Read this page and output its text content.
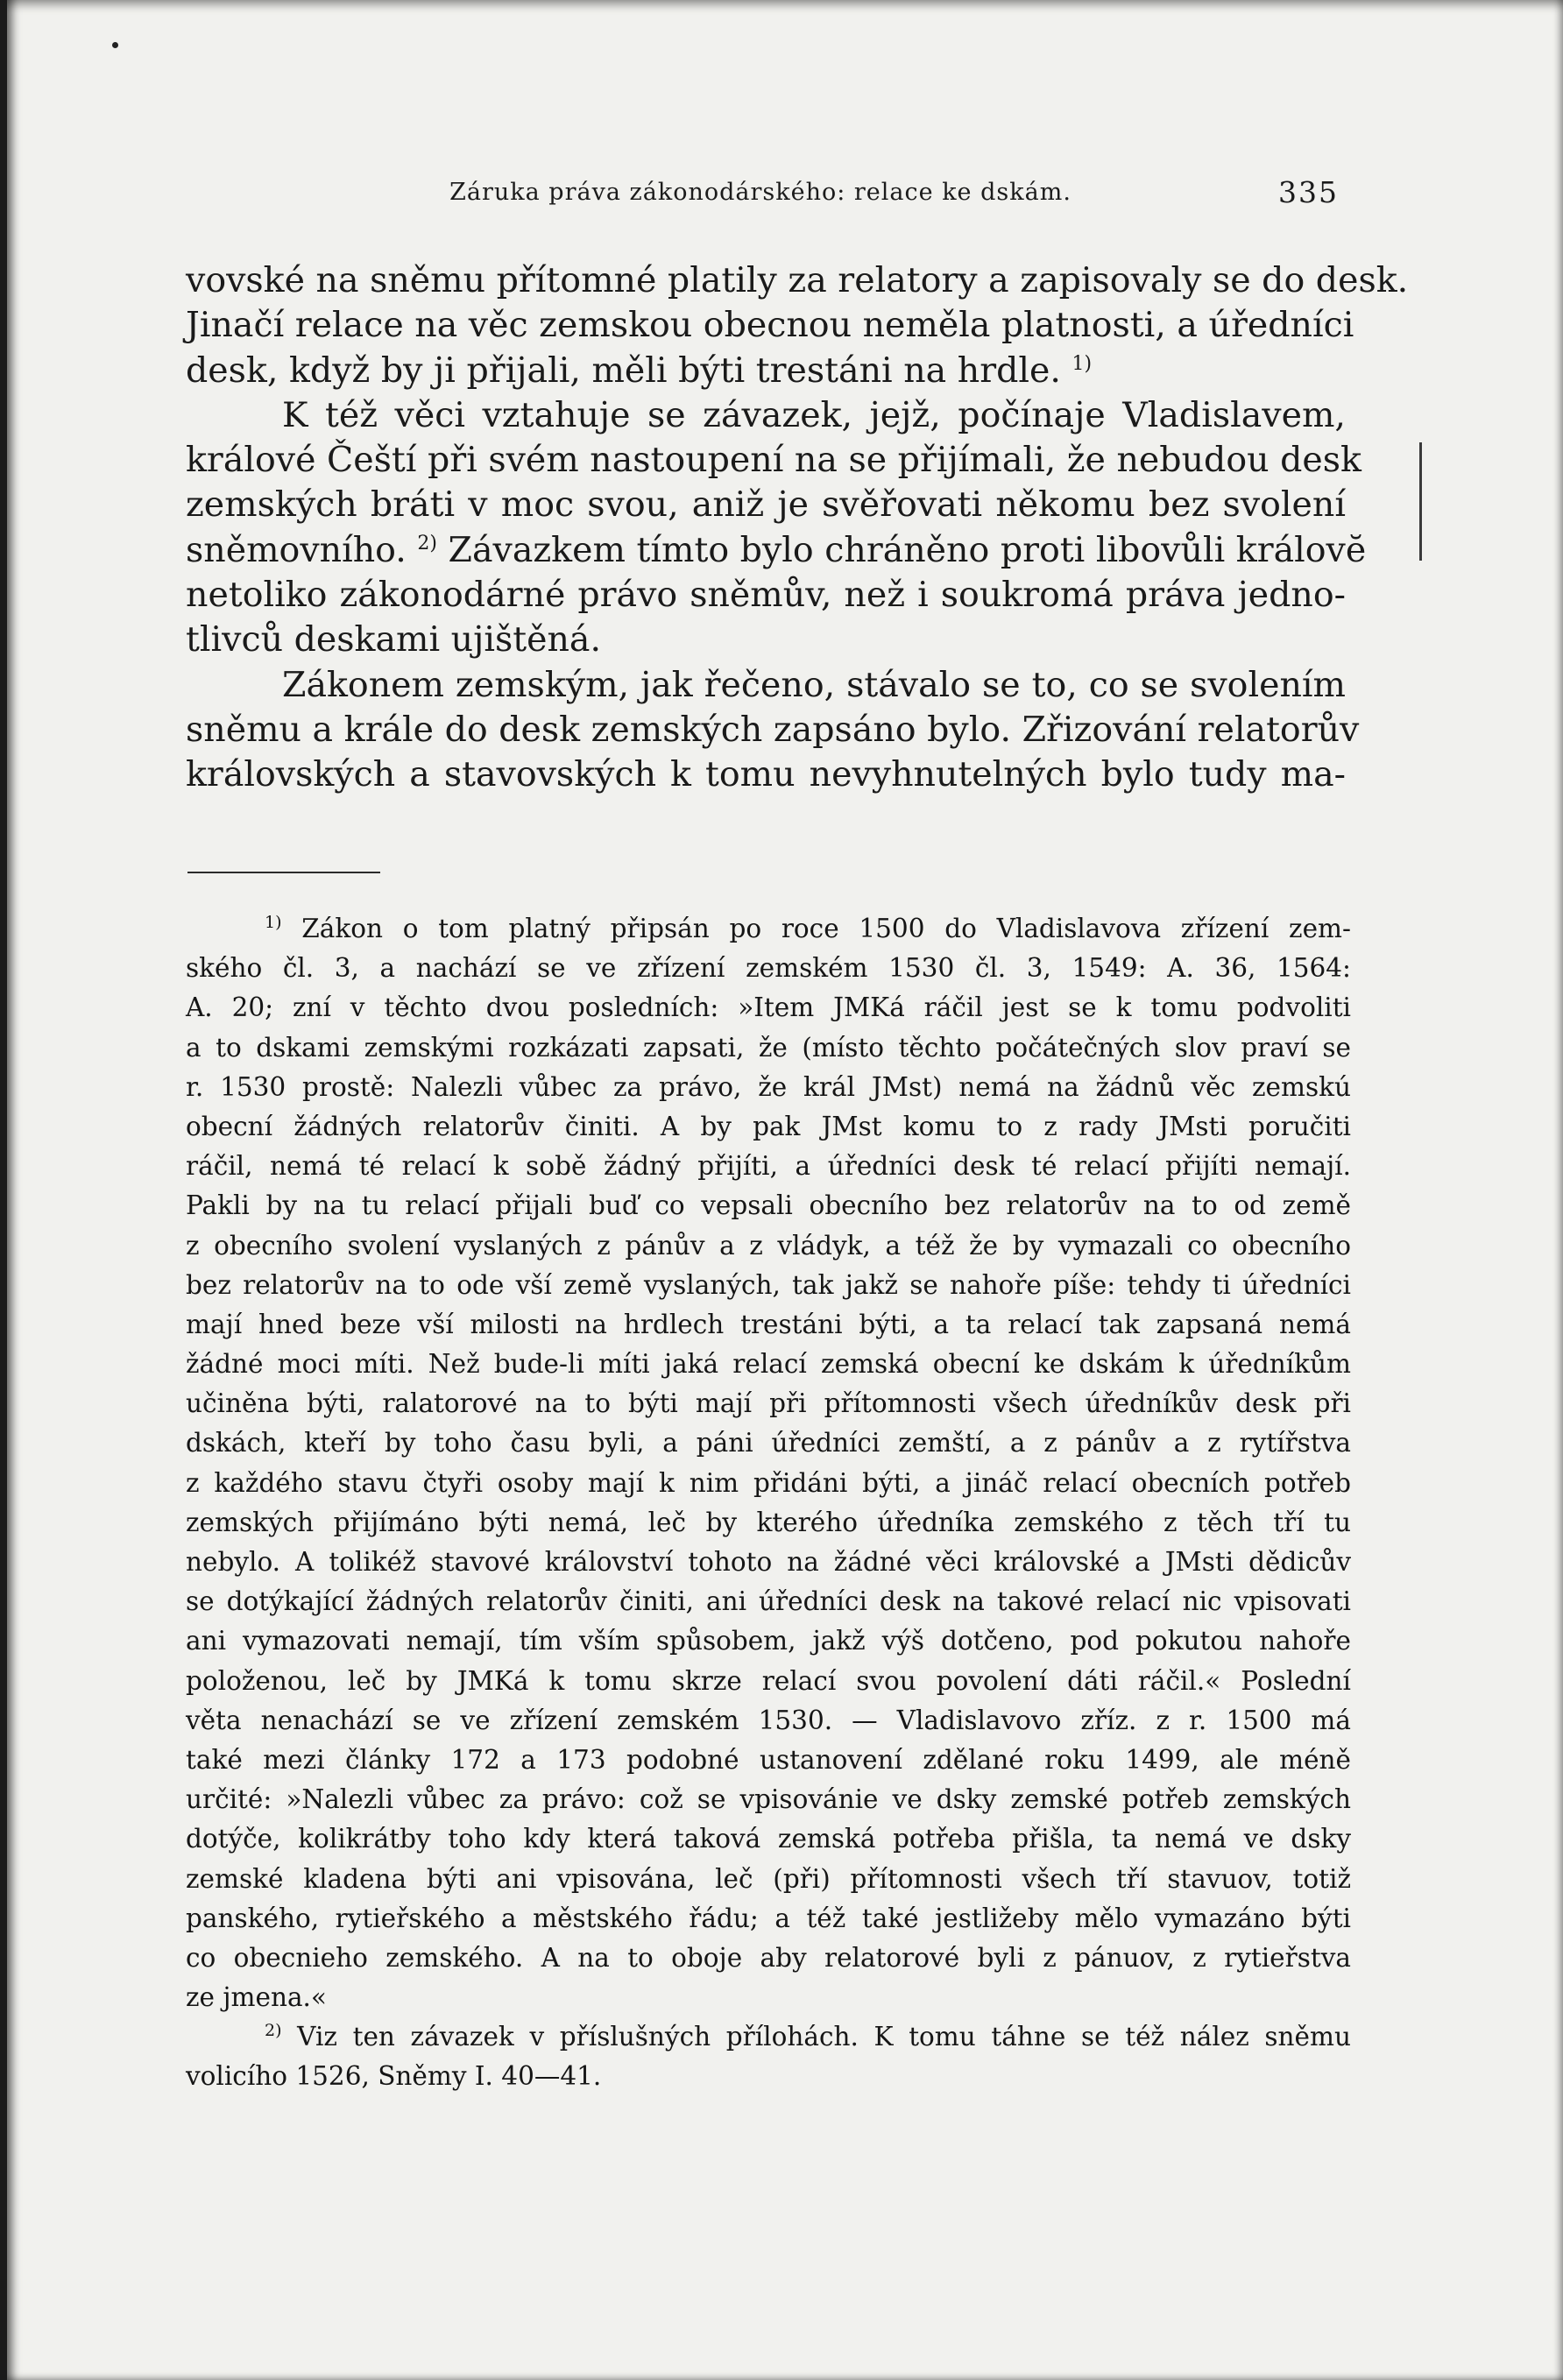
Záruka práva zákonodárského: relace ke dskám.	335

vovské na sněmu přítomné platily za relatory a zapisovaly se do desk.

Jinačí relace na věc zemskou obecnou neměla platnosti, a úředníci

desk, když by ji přijali, měli býti trestáni na hrdle. $^{1)}$

K též věci vztahuje se závazek, jejž, počínaje Vladislavem,

králové Čeští při svém nastoupení na se přijímali, že nebudou desk

zemských bráti v moc svou, aniž je svěřovati někomu bez svolení

sněmovního. $^{2)}$ Závazkem tímto bylo chráněno proti libovůli královĕ

netoliko zákonodárné právo sněmův, než i soukromá práva jedno-

tlivců deskami ujištěná.

Zákonem zemským, jak řečeno, stávalo se to, co se svolením

sněmu a krále do desk zemských zapsáno bylo. Zřizování relatorův

královských a stavovských k tomu nevyhnutelných bylo tudy ma-

$^{1)}$ Zákon o tom platný připsán po roce 1500 do Vladislavova zřízení zem-
ského čl. 3, a nachází se ve zřízení zemském 1530 čl. 3, 1549: A. 36, 1564:
A. 20; zní v těchto dvou posledních: »Item JMKá ráčil jest se k tomu podvoliti
a to dskami zemskými rozkázati zapsati, že (místo těchto počátečných slov praví se
r. 1530 prostě: Nalezli vůbec za právo, že král JMst) nemá na žádnů věc zemskú
obecní žádných relatorův činiti. A by pak JMst komu to z rady JMsti poručiti
ráčil, nemá té relací k sobě žádný přijíti, a úředníci desk té relací přijíti nemají.
Pakli by na tu relací přijali buď co vepsali obecního bez relatorův na to od země
z obecního svolení vyslaných z pánův a z vládyk, a též že by vymazali co obecního
bez relatorův na to ode vší země vyslaných, tak jakž se nahoře píše: tehdy ti úředníci
mají hned beze vší milosti na hrdlech trestáni býti, a ta relací tak zapsaná nemá
žádné moci míti. Než bude-li míti jaká relací zemská obecní ke dskám k úředníkům
učiněna býti, ralatorové na to býti mají při přítomnosti všech úředníkův desk při
dskách, kteří by toho času byli, a páni úředníci zemští, a z pánův a z rytířstva
z každého stavu čtyři osoby mají k nim přidáni býti, a jináč relací obecních potřeb
zemských přijímáno býti nemá, leč by kterého úředníka zemského z těch tří tu
nebylo. A tolikéž stavové království tohoto na žádné věci královské a JMsti dědicův
se dotýkající žádných relatorův činiti, ani úředníci desk na takové relací nic vpisovati
ani vymazovati nemají, tím vším spůsobem, jakž výš dotčeno, pod pokutou nahoře
položenou, leč by JMKá k tomu skrze relací svou povolení dáti ráčil.« Poslední
věta nenachází se ve zřízení zemském 1530. — Vladislavovo zříz. z r. 1500 má
také mezi články 172 a 173 podobné ustanovení zdělané roku 1499, ale méně
určité: »Nalezli vůbec za právo: což se vpisovánie ve dsky zemské potřeb zemských
dotýče, kolikrátby toho kdy která taková zemská potřeba přišla, ta nemá ve dsky
zemské kladena býti ani vpisována, leč (při) přítomnosti všech tří stavuov, totiž
panského, rytieřského a městského řádu; a též také jestližeby mělo vymazáno býti
co obecnieho zemského. A na to oboje aby relatorové byli z pánuov, z rytieřstva
ze jmena.«
$^{2)}$ Viz ten závazek v příslušných přílohách. K tomu táhne se též nález sněmu
volicího 1526, Sněmy I. 40—41.
